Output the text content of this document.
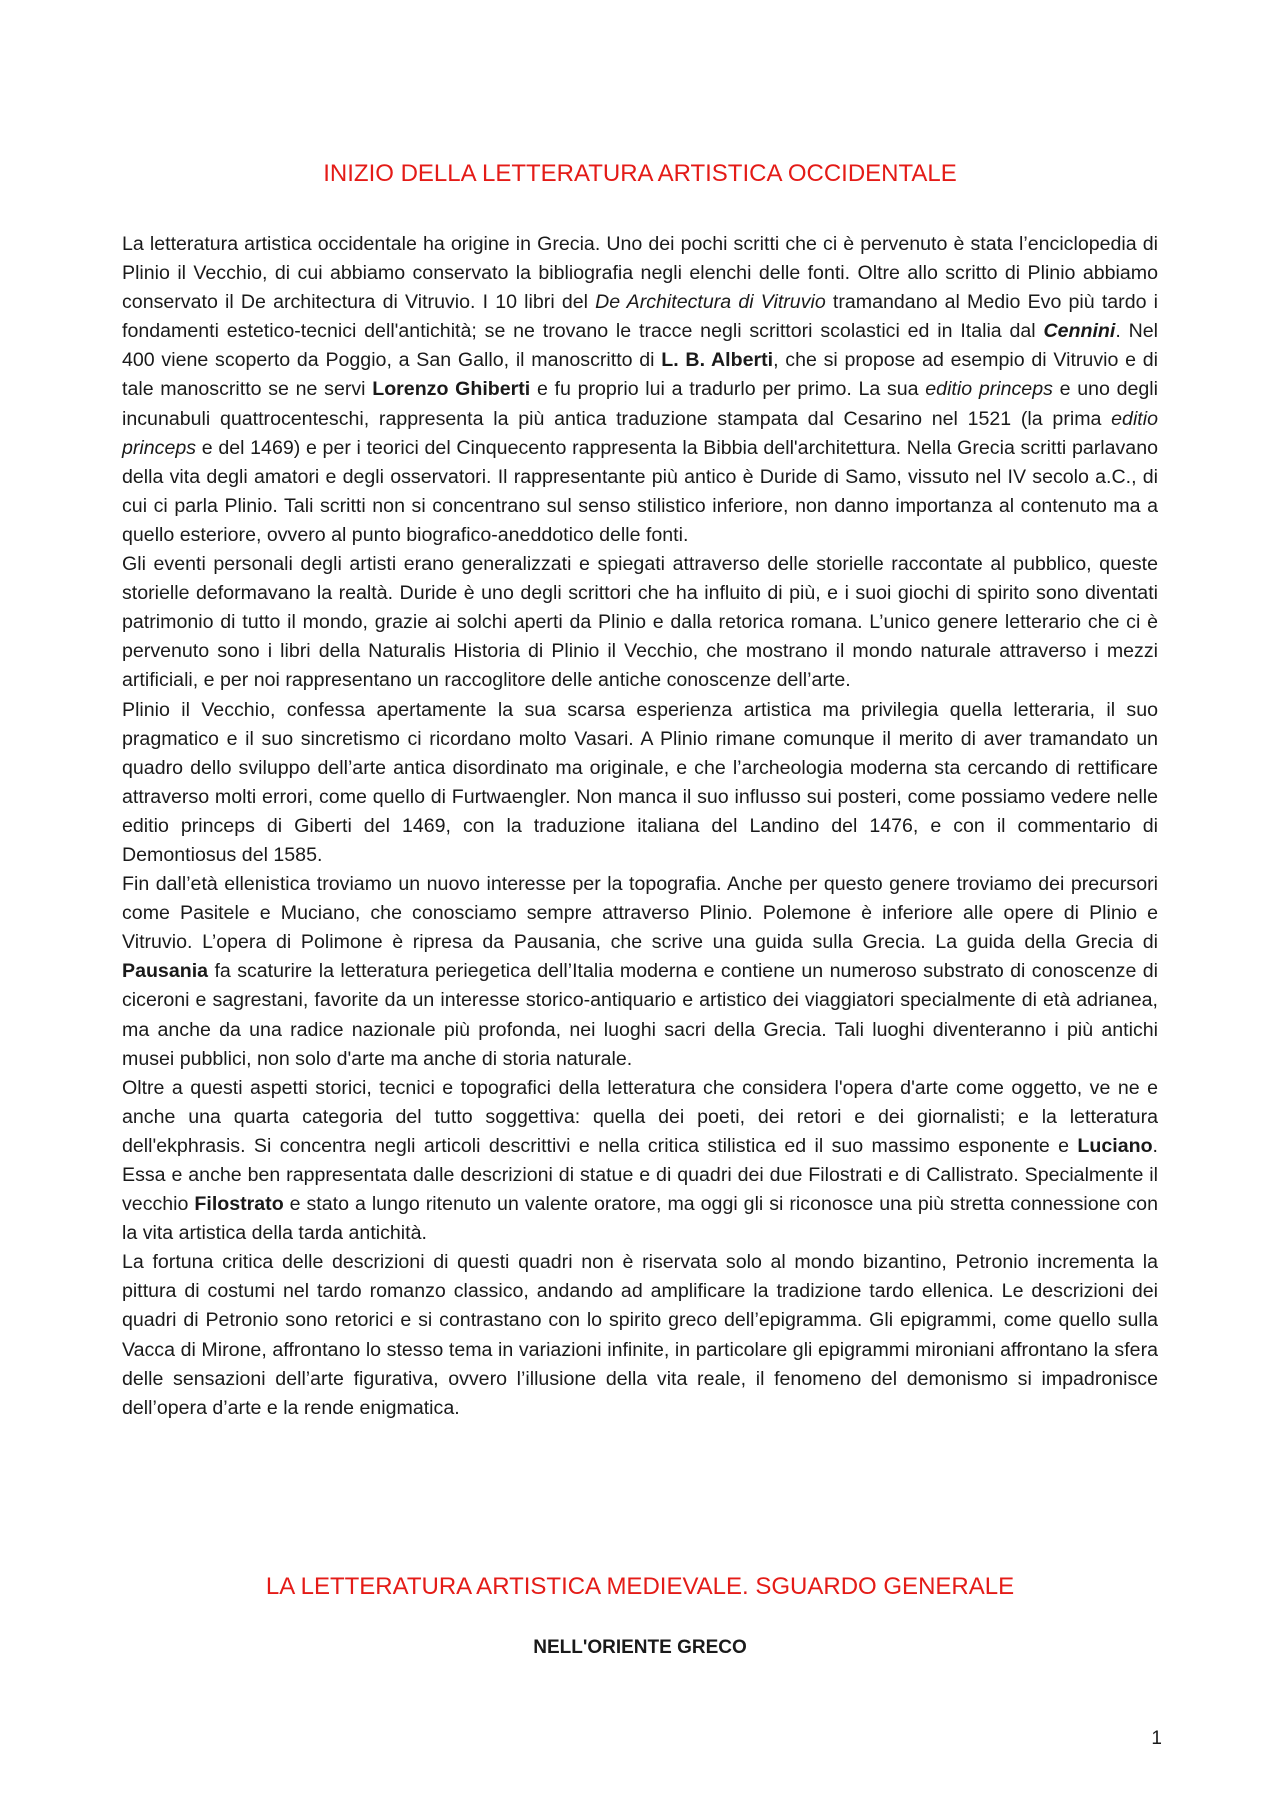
INIZIO DELLA LETTERATURA ARTISTICA OCCIDENTALE

La letteratura artistica occidentale ha origine in Grecia. Uno dei pochi scritti che ci è pervenuto è stata l’enciclopedia di Plinio il Vecchio, di cui abbiamo conservato la bibliografia negli elenchi delle fonti. Oltre allo scritto di Plinio abbiamo conservato il De architectura di Vitruvio. I 10 libri del De Architectura di Vitruvio tramandano al Medio Evo più tardo i fondamenti estetico-tecnici dell'antichità; se ne trovano le tracce negli scrittori scolastici ed in Italia dal Cennini. Nel 400 viene scoperto da Poggio, a San Gallo, il manoscritto di L. B. Alberti, che si propose ad esempio di Vitruvio e di tale manoscritto se ne servi Lorenzo Ghiberti e fu proprio lui a tradurlo per primo. La sua editio princeps e uno degli incunabuli quattrocenteschi, rappresenta la più antica traduzione stampata dal Cesarino nel 1521 (la prima editio princeps e del 1469) e per i teorici del Cinquecento rappresenta la Bibbia dell'architettura. Nella Grecia scritti parlavano della vita degli amatori e degli osservatori. Il rappresentante più antico è Duride di Samo, vissuto nel IV secolo a.C., di cui ci parla Plinio. Tali scritti non si concentrano sul senso stilistico inferiore, non danno importanza al contenuto ma a quello esteriore, ovvero al punto biografico-aneddotico delle fonti.

Gli eventi personali degli artisti erano generalizzati e spiegati attraverso delle storielle raccontate al pubblico, queste storielle deformavano la realtà. Duride è uno degli scrittori che ha influito di più, e i suoi giochi di spirito sono diventati patrimonio di tutto il mondo, grazie ai solchi aperti da Plinio e dalla retorica romana. L’unico genere letterario che ci è pervenuto sono i libri della Naturalis Historia di Plinio il Vecchio, che mostrano il mondo naturale attraverso i mezzi artificiali, e per noi rappresentano un raccoglitore delle antiche conoscenze dell’arte.

Plinio il Vecchio, confessa apertamente la sua scarsa esperienza artistica ma privilegia quella letteraria, il suo pragmatico e il suo sincretismo ci ricordano molto Vasari. A Plinio rimane comunque il merito di aver tramandato un quadro dello sviluppo dell’arte antica disordinato ma originale, e che l’archeologia moderna sta cercando di rettificare attraverso molti errori, come quello di Furtwaengler. Non manca il suo influsso sui posteri, come possiamo vedere nelle editio princeps di Giberti del 1469, con la traduzione italiana del Landino del 1476, e con il commentario di Demontiosus del 1585.

Fin dall’età ellenistica troviamo un nuovo interesse per la topografia. Anche per questo genere troviamo dei precursori come Pasitele e Muciano, che conosciamo sempre attraverso Plinio. Polemone è inferiore alle opere di Plinio e Vitruvio. L’opera di Polimone è ripresa da Pausania, che scrive una guida sulla Grecia. La guida della Grecia di Pausania fa scaturire la letteratura periegetica dell’Italia moderna e contiene un numeroso substrato di conoscenze di ciceroni e sagrestani, favorite da un interesse storico-antiquario e artistico dei viaggiatori specialmente di età adrianea, ma anche da una radice nazionale più profonda, nei luoghi sacri della Grecia. Tali luoghi diventeranno i più antichi musei pubblici, non solo d'arte ma anche di storia naturale.

Oltre a questi aspetti storici, tecnici e topografici della letteratura che considera l'opera d'arte come oggetto, ve ne e anche una quarta categoria del tutto soggettiva: quella dei poeti, dei retori e dei giornalisti; e la letteratura dell'ekphrasis. Si concentra negli articoli descrittivi e nella critica stilistica ed il suo massimo esponente e Luciano. Essa e anche ben rappresentata dalle descrizioni di statue e di quadri dei due Filostrati e di Callistrato. Specialmente il vecchio Filostrato e stato a lungo ritenuto un valente oratore, ma oggi gli si riconosce una più stretta connessione con la vita artistica della tarda antichità.

La fortuna critica delle descrizioni di questi quadri non è riservata solo al mondo bizantino, Petronio incrementa la pittura di costumi nel tardo romanzo classico, andando ad amplificare la tradizione tardo ellenica. Le descrizioni dei quadri di Petronio sono retorici e si contrastano con lo spirito greco dell’epigramma. Gli epigrammi, come quello sulla Vacca di Mirone, affrontano lo stesso tema in variazioni infinite, in particolare gli epigrammi mironiani affrontano la sfera delle sensazioni dell’arte figurativa, ovvero l’illusione della vita reale, il fenomeno del demonismo si impadronisce dell’opera d’arte e la rende enigmatica.

LA LETTERATURA ARTISTICA MEDIEVALE. SGUARDO GENERALE
NELL'ORIENTE GRECO
1
